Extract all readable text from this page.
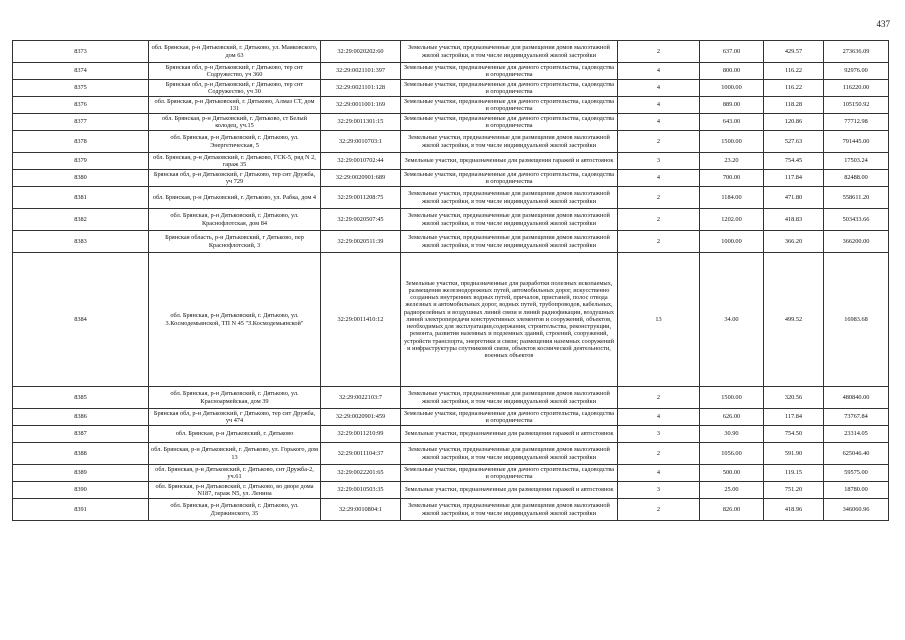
437
8373	обл. Брянская, р-н Дятьковский, г. Дятьково, ул. Маяковского, дом 63	32:29:0020202:60	Земельные участки, предназначенные для размещения домов малоэтажной жилой застройки, в том числе индивидуальной жилой застройки	2	637.00	429.57	273636.09
8374	Брянская обл, р-н Дятьковский, г Дятьково, тер снт Содружество, уч 360	32:29:0021101:397	Земельные участки, предназначенные для дачного строительства, садоводства и огородничества	4	800.00	116.22	92976.00
8375	Брянская обл, р-н Дятьковский, г Дятьково, тер снт Содружество, уч 30	32:29:0021101:128	Земельные участки, предназначенные для дачного строительства, садоводства и огородничества	4	1000.00	116.22	116220.00
8376	обл. Брянская, р-н Дятьковский, г. Дятьково, Алмаз СТ, дом 131	32:29:0011001:169	Земельные участки, предназначенные для дачного строительства, садоводства и огородничества	4	889.00	118.28	105150.92
8377	обл. Брянская, р-н Дятьковский, г. Дятьково, ст Белый колодец, уч.15	32:29:0011301:15	Земельные участки, предназначенные для дачного строительства, садоводства и огородничества	4	643.00	120.86	77712.98
8378	обл. Брянская, р-н Дятьковский, г. Дятьково, ул. Энергетическая, 5	32:29:0010703:1	Земельные участки, предназначенные для размещения домов малоэтажной жилой застройки, в том числе индивидуальной жилой застройки	2	1500.00	527.63	791445.00
8379	обл. Брянская, р-н Дятьковский, г. Дятьково, ГСК-5, ряд N 2, гараж 35	32:29:0010702:44	Земельные участки, предназначенные для размещения гаражей и автостоянок	3	23.20	754.45	17503.24
8380	Брянская обл, р-н Дятьковский, г Дятьково, тер снт Дружба, уч 729	32:29:0020901:689	Земельные участки, предназначенные для дачного строительства, садоводства и огородничества	4	700.00	117.84	82488.00
8381	обл. Брянская, р-н Дятьковский, г. Дятьково, ул. Рабка, дом 4	32:29:0011208:75	Земельные участки, предназначенные для размещения домов малоэтажной жилой застройки, в том числе индивидуальной жилой застройки	2	1184.00	471.80	558611.20
8382	обл. Брянская, р-н Дятьковский, г. Дятьково, ул. Краснофлотская, дом 84	32:29:0020507:45	Земельные участки, предназначенные для размещения домов малоэтажной жилой застройки, в том числе индивидуальной жилой застройки	2	1202.00	418.83	503433.66
8383	Брянская область, р-н Дятьковский, г Дятьково, пер Краснофлотский, 3	32:29:0020511:39	Земельные участки, предназначенные для размещения домов малоэтажной жилой застройки, в том числе индивидуальной жилой застройки	2	1000.00	366.20	366200.00
8384	обл. Брянская, р-н Дятьковский, г. Дятьково, ул. 3.Космодемьянской, ТП N 45 "З.Космодемьянской"	32:29:0011410:12	Земельные участки, предназначенные для разработки полезных ископаемых, размещения железнодорожных путей, автомобильных дорог, искусственно созданных внутренних водных путей, причалов, пристаней, полос отвода железных и автомобильных дорог, водных путей, трубопроводов, кабельных, радиорелейных и воздушных линий связи и линий радиофикации, воздушных линий электропередачи конструктивных элементов и сооружений, объектов, необходимых для эксплуатации,содержания, строительства, реконструкции, ремонта, развития наземных и подземных зданий, строений, сооружений, устройств транспорта, энергетики и связи; размещения наземных сооружений и инфраструктуры спутниковой связи, объектов космической деятельности, военных объектов	13	34.00	499.52	16983.68
8385	обл. Брянская, р-н Дятьковский, г. Дятьково, ул. Красноармейская, дом 39	32:29:0022103:7	Земельные участки, предназначенные для размещения домов малоэтажной жилой застройки, в том числе индивидуальной жилой застройки	2	1500.00	320.56	480840.00
8386	Брянская обл, р-н Дятьковский, г Дятьково, тер снт Дружба, уч 474	32:29:0020901:459	Земельные участки, предназначенные для дачного строительства, садоводства и огородничества	4	626.00	117.84	73767.84
8387	обл. Брянская, р-н Дятьковский, г. Дятьково	32:29:0011210:99	Земельные участки, предназначенные для размещения гаражей и автостоянок	3	30.90	754.50	23314.05
8388	обл. Брянская, р-н Дятьковский, г. Дятьково, ул. Горького, дом 13	32:29:0011104:37	Земельные участки, предназначенные для размещения домов малоэтажной жилой застройки, в том числе индивидуальной жилой застройки	2	1056.00	591.90	625046.40
8389	обл. Брянская, р-н Дятьковский, г. Дятьково, снт Дружба-2, уч.61	32:29:0022201:65	Земельные участки, предназначенные для дачного строительства, садоводства и огородничества	4	500.00	119.15	59575.00
8390	обл. Брянская, р-н Дятьковский, г. Дятьково, во дворе дома N187, гараж N5, ул. Ленина	32:29:0010503:35	Земельные участки, предназначенные для размещения гаражей и автостоянок	3	25.00	751.20	18780.00
8391	обл. Брянская, р-н Дятьковский, г. Дятьково, ул. Дзержинского, 35	32:29:0010804:1	Земельные участки, предназначенные для размещения домов малоэтажной жилой застройки, в том числе индивидуальной жилой застройки	2	826.00	418.96	346060.96
